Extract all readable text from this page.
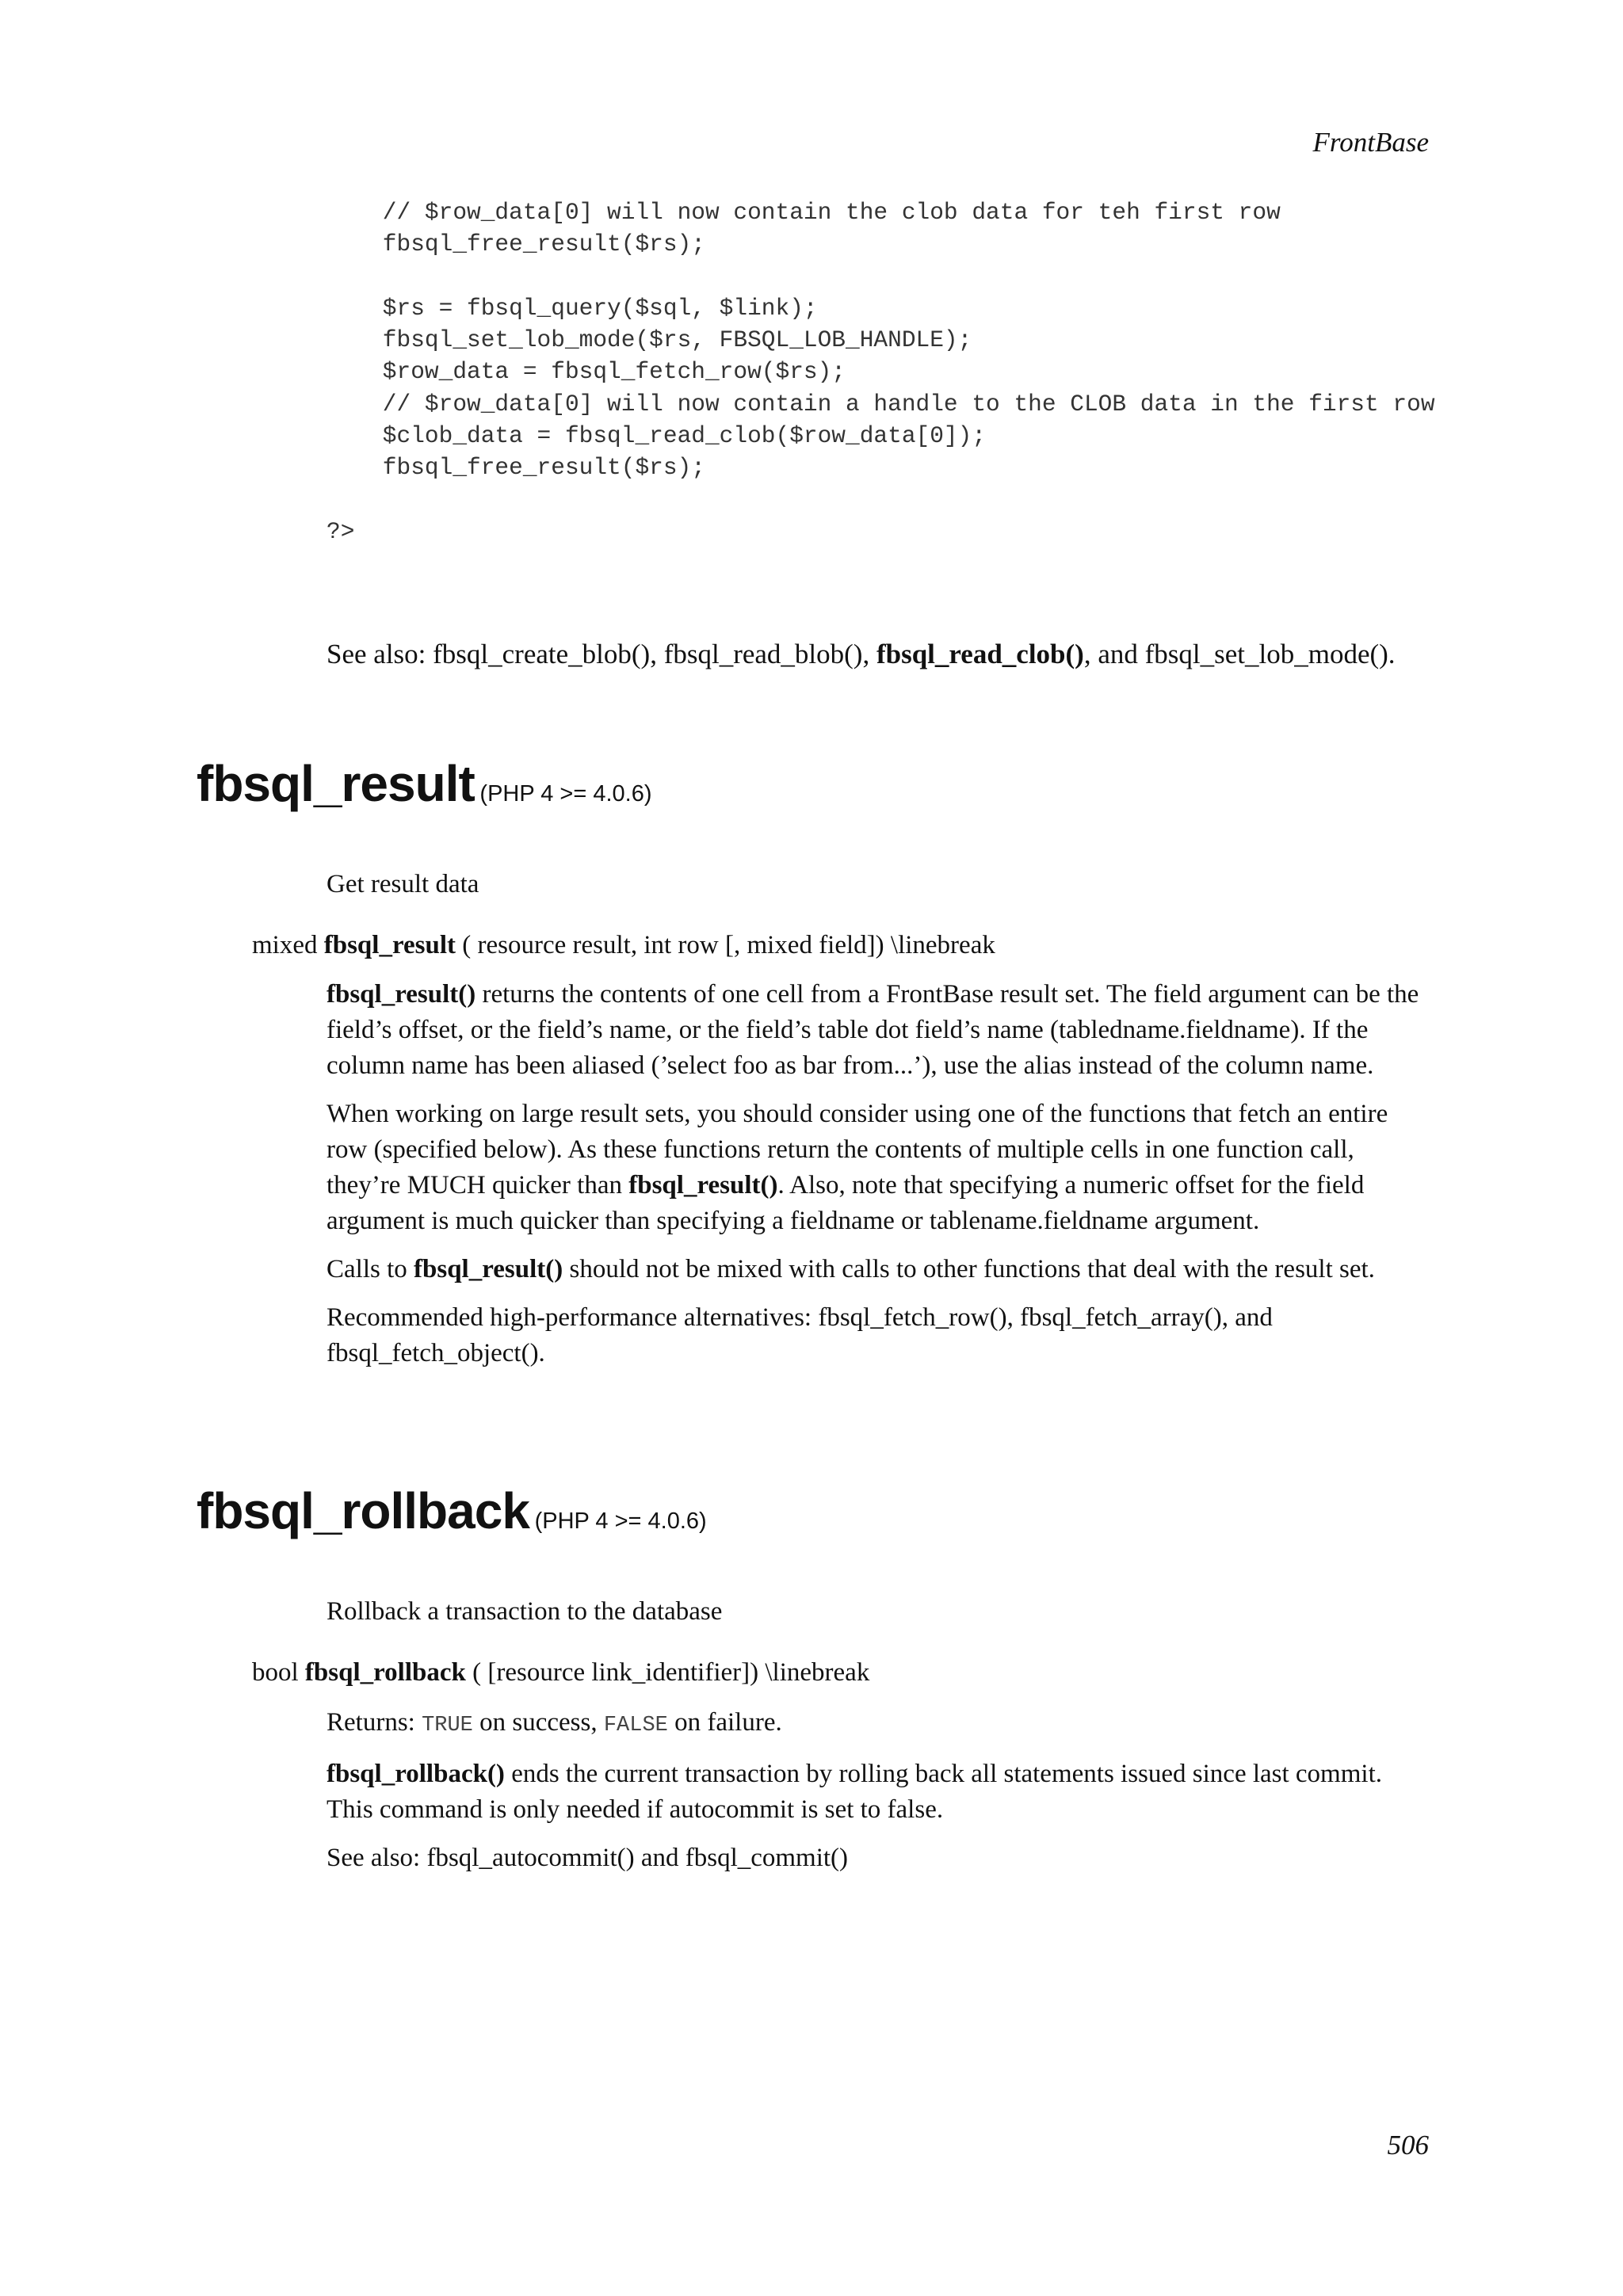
FrontBase
// $row_data[0] will now contain the clob data for teh first row
fbsql_free_result($rs);

$rs = fbsql_query($sql, $link);
fbsql_set_lob_mode($rs, FBSQL_LOB_HANDLE);
$row_data = fbsql_fetch_row($rs);
// $row_data[0] will now contain a handle to the CLOB data in the first row
$clob_data = fbsql_read_clob($row_data[0]);
fbsql_free_result($rs);

?>
See also: fbsql_create_blob(), fbsql_read_blob(), fbsql_read_clob(), and fbsql_set_lob_mode().
fbsql_result (PHP 4 >= 4.0.6)
Get result data
mixed fbsql_result ( resource result, int row [, mixed field]) \linebreak

fbsql_result() returns the contents of one cell from a FrontBase result set. The field argument can be the field’s offset, or the field’s name, or the field’s table dot field’s name (tabledname.fieldname). If the column name has been aliased (’select foo as bar from...’), use the alias instead of the column name.

When working on large result sets, you should consider using one of the functions that fetch an entire row (specified below). As these functions return the contents of multiple cells in one function call, they’re MUCH quicker than fbsql_result(). Also, note that specifying a numeric offset for the field argument is much quicker than specifying a fieldname or tablename.fieldname argument.

Calls to fbsql_result() should not be mixed with calls to other functions that deal with the result set.

Recommended high-performance alternatives: fbsql_fetch_row(), fbsql_fetch_array(), and fbsql_fetch_object().

fbsql_rollback (PHP 4 >= 4.0.6)
Rollback a transaction to the database
bool fbsql_rollback ( [resource link_identifier]) \linebreak

Returns: TRUE on success, FALSE on failure.

fbsql_rollback() ends the current transaction by rolling back all statements issued since last commit. This command is only needed if autocommit is set to false.

See also: fbsql_autocommit() and fbsql_commit()

506
